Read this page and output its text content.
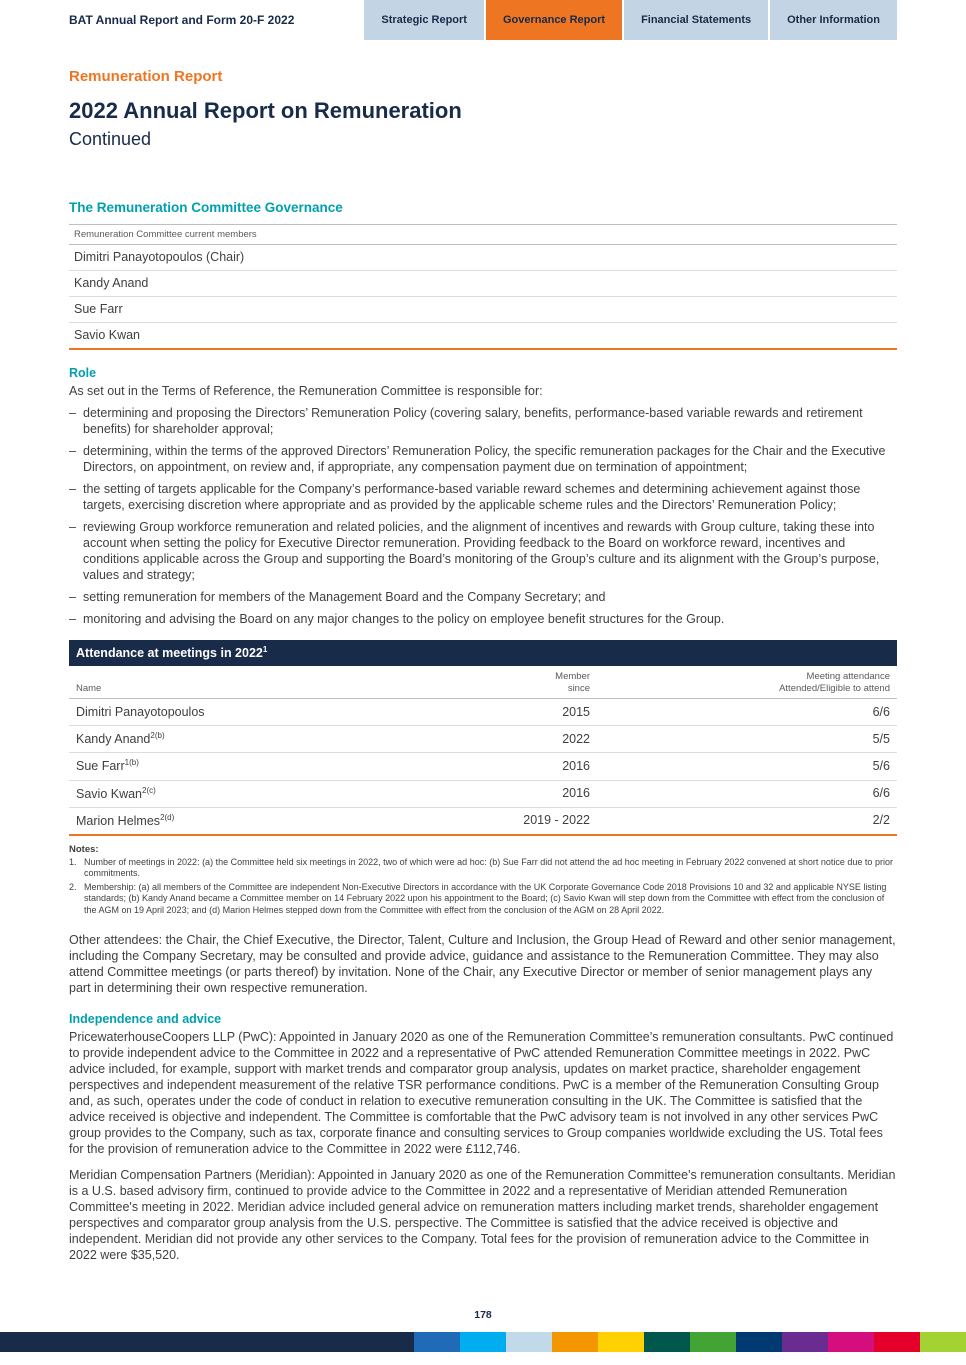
BAT Annual Report and Form 20-F 2022	Strategic Report	Governance Report	Financial Statements	Other Information
Remuneration Report
2022 Annual Report on Remuneration
Continued
The Remuneration Committee Governance
Remuneration Committee current members
Dimitri Panayotopoulos (Chair)
Kandy Anand
Sue Farr
Savio Kwan
Role

As set out in the Terms of Reference, the Remuneration Committee is responsible for:

– determining and proposing the Directors’ Remuneration Policy (covering salary, benefits, performance-based variable rewards and retirement benefits) for shareholder approval;
– determining, within the terms of the approved Directors’ Remuneration Policy, the specific remuneration packages for the Chair and the Executive Directors, on appointment, on review and, if appropriate, any compensation payment due on termination of appointment;
– the setting of targets applicable for the Company’s performance-based variable reward schemes and determining achievement against those targets, exercising discretion where appropriate and as provided by the applicable scheme rules and the Directors’ Remuneration Policy;
– reviewing Group workforce remuneration and related policies, and the alignment of incentives and rewards with Group culture, taking these into account when setting the policy for Executive Director remuneration. Providing feedback to the Board on workforce reward, incentives and conditions applicable across the Group and supporting the Board’s monitoring of the Group’s culture and its alignment with the Group’s purpose, values and strategy;
– setting remuneration for members of the Management Board and the Company Secretary; and
– monitoring and advising the Board on any major changes to the policy on employee benefit structures for the Group.
Attendance at meetings in 2022$^1$
Name
Member
since
Meeting attendance
Attended/Eligible to attend
Dimitri Panayotopoulos	2015	6/6
Kandy Anand$^{2(b)}$	2022	5/5
Sue Farr$^{1(b)}$	2016	5/6
Savio Kwan$^{2(c)}$	2016	6/6
Marion Helmes$^{2(d)}$	2019 - 2022	2/2
Notes:
1. Number of meetings in 2022: (a) the Committee held six meetings in 2022, two of which were ad hoc: (b) Sue Farr did not attend the ad hoc meeting in February 2022 convened at short notice due to prior commitments.
2. Membership: (a) all members of the Committee are independent Non-Executive Directors in accordance with the UK Corporate Governance Code 2018 Provisions 10 and 32 and applicable NYSE listing standards; (b) Kandy Anand became a Committee member on 14 February 2022 upon his appointment to the Board; (c) Savio Kwan will step down from the Committee with effect from the conclusion of the AGM on 19 April 2023; and (d) Marion Helmes stepped down from the Committee with effect from the conclusion of the AGM on 28 April 2022.

Other attendees: the Chair, the Chief Executive, the Director, Talent, Culture and Inclusion, the Group Head of Reward and other senior management, including the Company Secretary, may be consulted and provide advice, guidance and assistance to the Remuneration Committee. They may also attend Committee meetings (or parts thereof) by invitation. None of the Chair, any Executive Director or member of senior management plays any part in determining their own respective remuneration.

Independence and advice

PricewaterhouseCoopers LLP (PwC): Appointed in January 2020 as one of the Remuneration Committee’s remuneration consultants. PwC continued to provide independent advice to the Committee in 2022 and a representative of PwC attended Remuneration Committee meetings in 2022. PwC advice included, for example, support with market trends and comparator group analysis, updates on market practice, shareholder engagement perspectives and independent measurement of the relative TSR performance conditions. PwC is a member of the Remuneration Consulting Group and, as such, operates under the code of conduct in relation to executive remuneration consulting in the UK. The Committee is satisfied that the advice received is objective and independent. The Committee is comfortable that the PwC advisory team is not involved in any other services PwC group provides to the Company, such as tax, corporate finance and consulting services to Group companies worldwide excluding the US. Total fees for the provision of remuneration advice to the Committee in 2022 were £112,746.

Meridian Compensation Partners (Meridian): Appointed in January 2020 as one of the Remuneration Committee's remuneration consultants. Meridian is a U.S. based advisory firm, continued to provide advice to the Committee in 2022 and a representative of Meridian attended Remuneration Committee's meeting in 2022. Meridian advice included general advice on remuneration matters including market trends, shareholder engagement perspectives and comparator group analysis from the U.S. perspective. The Committee is satisfied that the advice received is objective and independent. Meridian did not provide any other services to the Company. Total fees for the provision of remuneration advice to the Committee in 2022 were $35,520.

178
